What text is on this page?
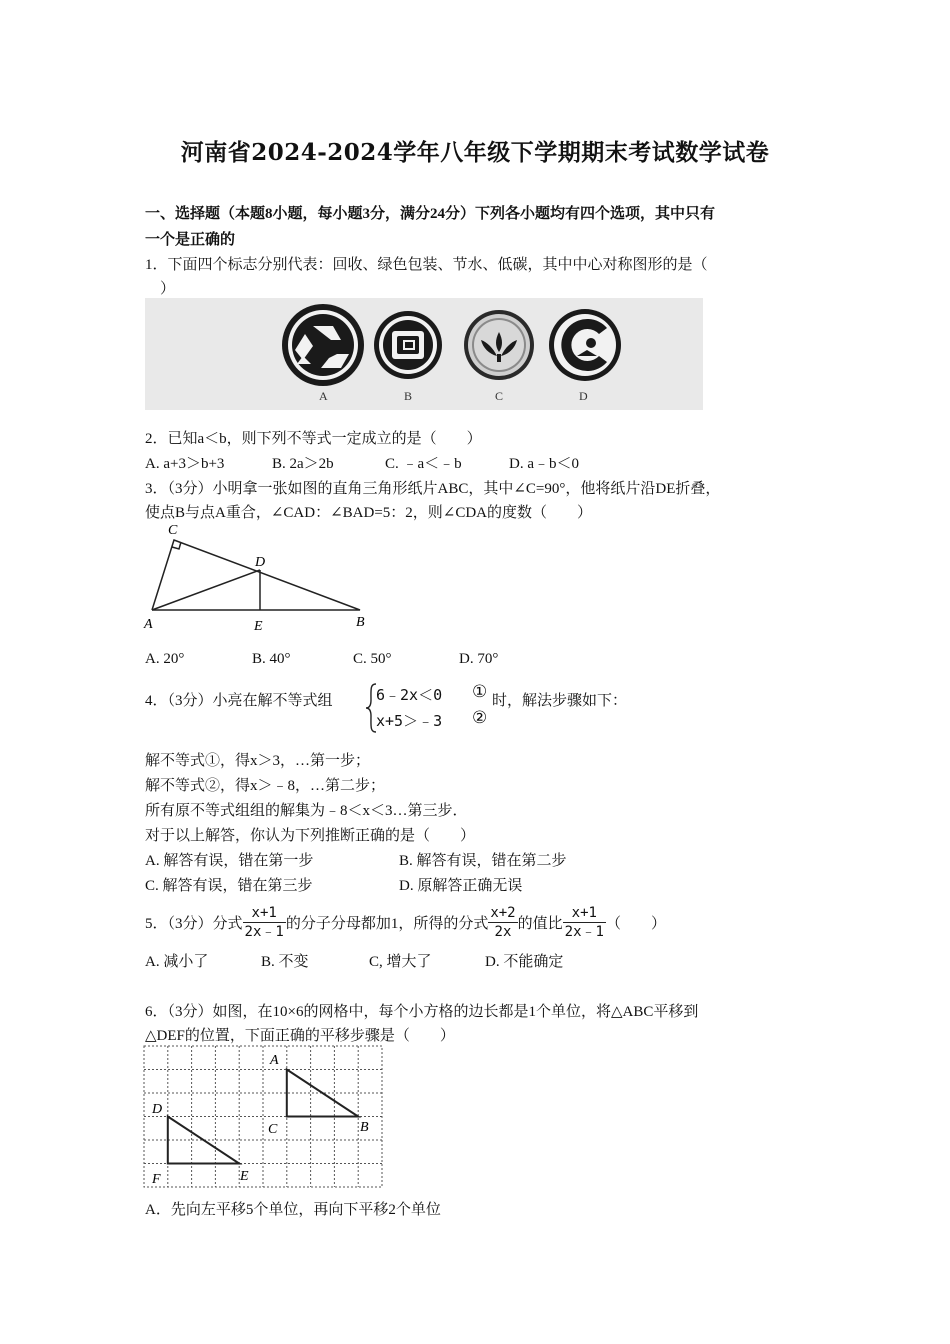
河南省2024-2024学年八年级下学期期末考试数学试卷
一、选择题（本题8小题，每小题3分，满分24分）下列各小题均有四个选项，其中只有
一个是正确的
1．下面四个标志分别代表：回收、绿色包装、节水、低碳，其中中心对称图形的是（
）
A	B	C	D
2．已知a＜b，则下列不等式一定成立的是（　　）
A. a+3＞b+3	B. 2a＞2b	C. ﹣a＜﹣b	D. a﹣b＜0
3．（3分）小明拿一张如图的直角三角形纸片ABC，其中∠C=90°，他将纸片沿DE折叠，
使点B与点A重合，∠CAD：∠BAD=5：2，则∠CDA的度数（　　）
C
D
A	E	B
A. 20°	B. 40°	C. 50°	D. 70°
4．（3分）小亮在解不等式组	6﹣2x＜0 ①
x+5＞﹣3 ②
时，解法步骤如下：
解不等式①，得x＞3，…第一步；
解不等式②，得x＞﹣8，…第二步；
所有原不等式组组的解集为﹣8＜x＜3…第三步．
对于以上解答，你认为下列推断正确的是（　　）
A. 解答有误，错在第一步	B. 解答有误，错在第二步
C. 解答有误，错在第三步	D. 原解答正确无误
5．（3分）分式 $\frac{x+1}{2x﹣1}$ 的分子分母都加1，所得的分式 $\frac{x+2}{2x}$ 的值比 $\frac{x+1}{2x﹣1}$ （　　）
A. 减小了	B. 不变	C, 增大了	D. 不能确定
6．（3分）如图，在10×6的网格中，每个小方格的边长都是1个单位，将△ABC平移到
△DEF的位置，下面正确的平移步骤是（　　）
A
C	B
D
F	E
A．先向左平移5个单位，再向下平移2个单位
